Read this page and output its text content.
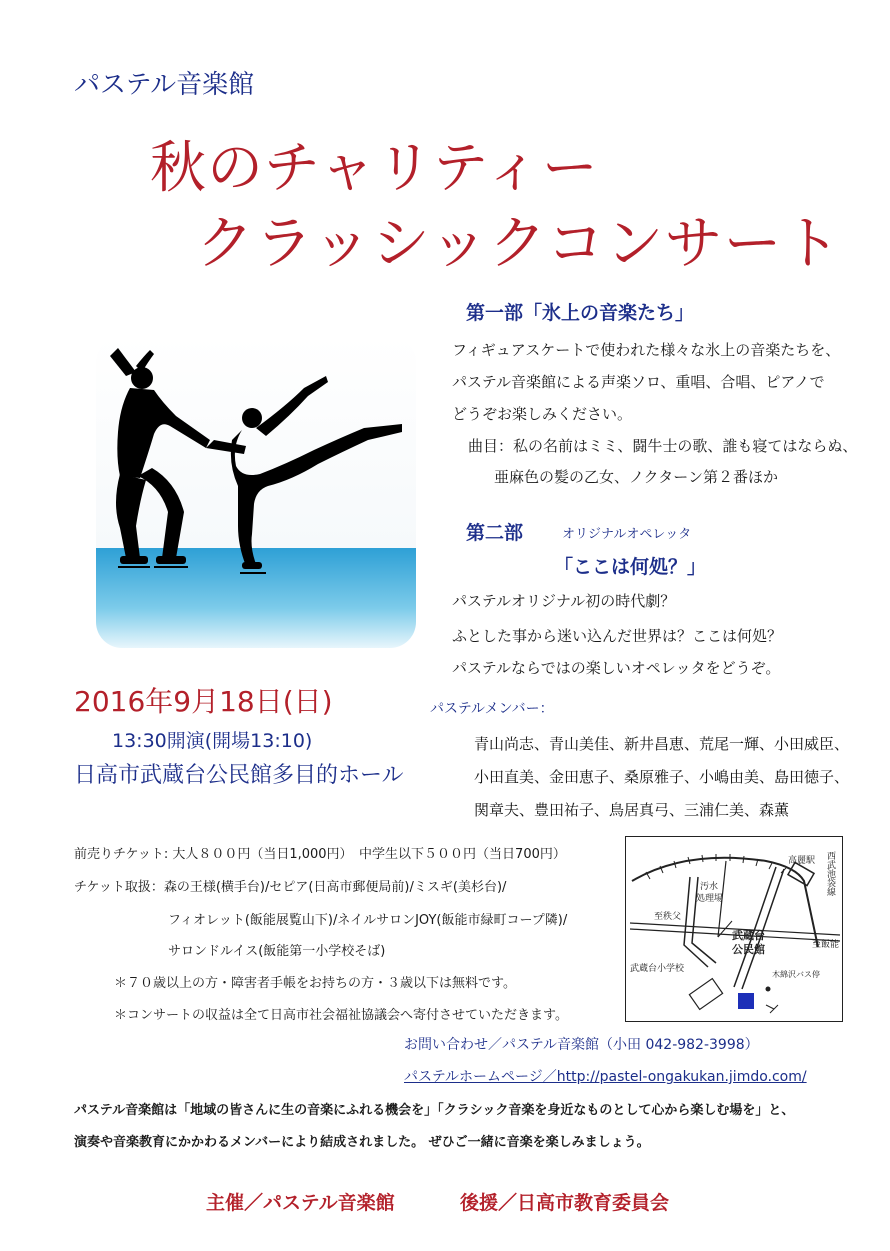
パステル音楽館
秋のチャリティー
クラッシックコンサート
第一部「氷上の音楽たち」
フィギュアスケートで使われた様々な氷上の音楽たちを、
パステル音楽館による声楽ソロ、重唱、合唱、ピアノで
どうぞお楽しみください。
曲目：私の名前はミミ、闘牛士の歌、誰も寝てはならぬ、
亜麻色の髪の乙女、ノクターン第２番ほか
第二部	オリジナルオペレッタ
「ここは何処？」
パステルオリジナル初の時代劇？
ふとした事から迷い込んだ世界は？ここは何処？
パステルならではの楽しいオペレッタをどうぞ。
2016年9月18日(日)
13:30開演(開場13:10)
日高市武蔵台公民館多目的ホール
パステルメンバー：
青山尚志、青山美佳、新井昌恵、荒尾一輝、小田威臣、
小田直美、金田恵子、桑原雅子、小嶋由美、島田徳子、
関章夫、豊田祐子、鳥居真弓、三浦仁美、森薫
前売りチケット: 大人８００円（当日1,000円）　中学生以下５００円（当日700円）
チケット取扱：森の王様(横手台)/セピア(日高市郵便局前)/ミスギ(美杉台)/
フィオレット(飯能展覧山下)/ネイルサロンJOY(飯能市緑町コープ隣)/
サロンドルイス(飯能第一小学校そば)
＊７０歳以上の方・障害者手帳をお持ちの方・３歳以下は無料です。
＊コンサートの収益は全て日高市社会福祉協議会へ寄付させていただきます。
高麗駅 西武池袋線
汚水
処理場
至秩父
至飯能
武蔵台
公民館
武蔵台小学校
木綿沢バス停
お問い合わせ／パステル音楽館（小田 042-982-3998）
パステルホームページ／http://pastel-ongakukan.jimdo.com/
パステル音楽館は「地域の皆さんに生の音楽にふれる機会を」「クラシック音楽を身近なものとして心から楽しむ場を」と、
演奏や音楽教育にかかわるメンバーにより結成されました。 ぜひご一緒に音楽を楽しみましょう。
主催／パステル音楽館	後援／日高市教育委員会
